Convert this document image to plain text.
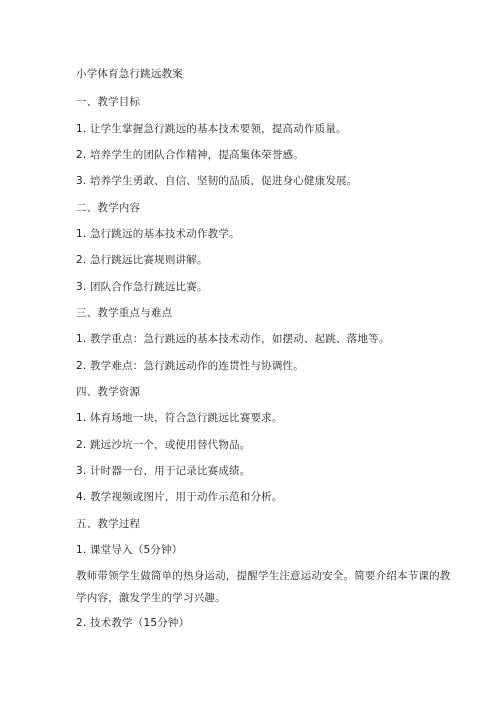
小学体育急行跳远教案
一、教学目标
1. 让学生掌握急行跳远的基本技术要领，提高动作质量。
2. 培养学生的团队合作精神，提高集体荣誉感。
3. 培养学生勇敢、自信、坚韧的品质，促进身心健康发展。
二、教学内容
1. 急行跳远的基本技术动作教学。
2. 急行跳远比赛规则讲解。
3. 团队合作急行跳远比赛。
三、教学重点与难点
1. 教学重点：急行跳远的基本技术动作，如摆动、起跳、落地等。
2. 教学难点：急行跳远动作的连贯性与协调性。
四、教学资源
1. 体育场地一块，符合急行跳远比赛要求。
2. 跳远沙坑一个，或使用替代物品。
3. 计时器一台，用于记录比赛成绩。
4. 教学视频或图片，用于动作示范和分析。
五、教学过程
1. 课堂导入（5分钟）
教师带领学生做简单的热身运动，提醒学生注意运动安全。简要介绍本节课的教
学内容，激发学生的学习兴趣。
2. 技术教学（15分钟）
